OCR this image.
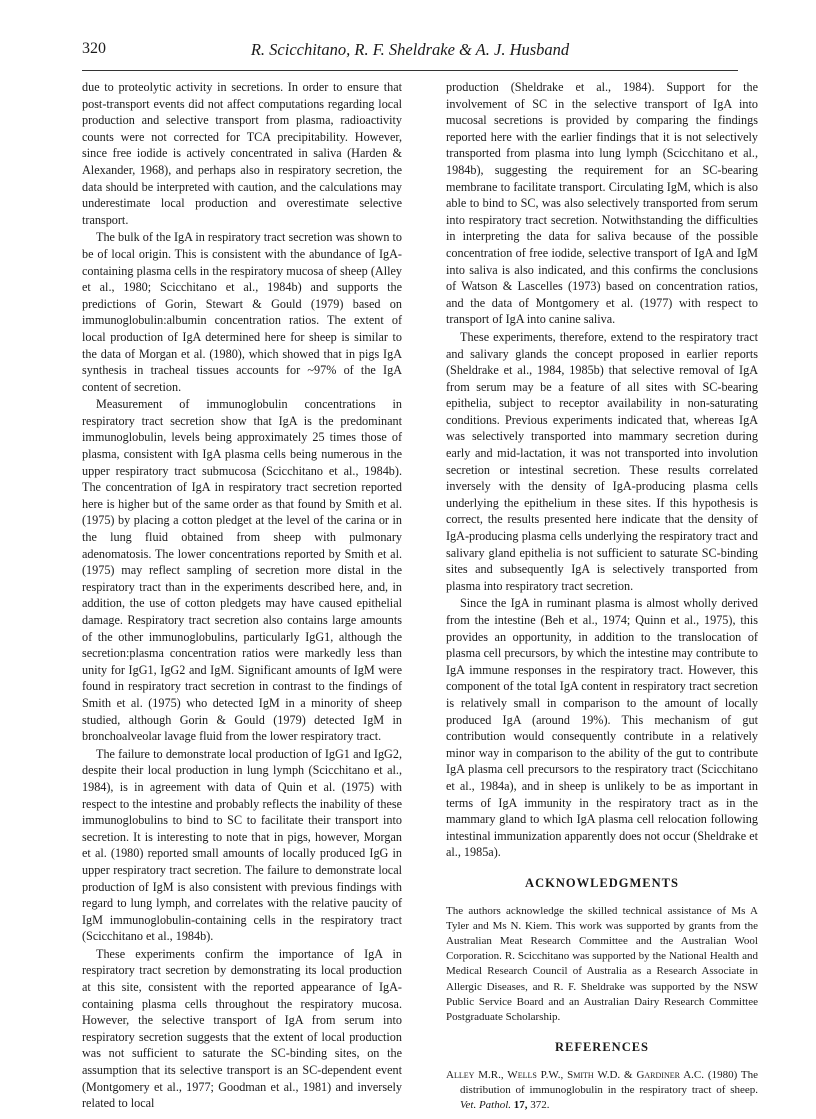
320	R. Scicchitano, R. F. Sheldrake & A. J. Husband

due to proteolytic activity in secretions. In order to ensure that post-transport events did not affect computations regarding local production and selective transport from plasma, radioactivity counts were not corrected for TCA precipitability. However, since free iodide is actively concentrated in saliva (Harden & Alexander, 1968), and perhaps also in respiratory secretion, the data should be interpreted with caution, and the calculations may underestimate local production and overestimate selective transport.

The bulk of the IgA in respiratory tract secretion was shown to be of local origin. This is consistent with the abundance of IgA-containing plasma cells in the respiratory mucosa of sheep (Alley et al., 1980; Scicchitano et al., 1984b) and supports the predictions of Gorin, Stewart & Gould (1979) based on immunoglobulin:albumin concentration ratios. The extent of local production of IgA determined here for sheep is similar to the data of Morgan et al. (1980), which showed that in pigs IgA synthesis in tracheal tissues accounts for ~97% of the IgA content of secretion.

Measurement of immunoglobulin concentrations in respiratory tract secretion show that IgA is the predominant immunoglobulin, levels being approximately 25 times those of plasma, consistent with IgA plasma cells being numerous in the upper respiratory tract submucosa (Scicchitano et al., 1984b). The concentration of IgA in respiratory tract secretion reported here is higher but of the same order as that found by Smith et al. (1975) by placing a cotton pledget at the level of the carina or in the lung fluid obtained from sheep with pulmonary adenomatosis. The lower concentrations reported by Smith et al. (1975) may reflect sampling of secretion more distal in the respiratory tract than in the experiments described here, and, in addition, the use of cotton pledgets may have caused epithelial damage. Respiratory tract secretion also contains large amounts of the other immunoglobulins, particularly IgG1, although the secretion:plasma concentration ratios were markedly less than unity for IgG1, IgG2 and IgM. Significant amounts of IgM were found in respiratory tract secretion in contrast to the findings of Smith et al. (1975) who detected IgM in a minority of sheep studied, although Gorin & Gould (1979) detected IgM in bronchoalveolar lavage fluid from the lower respiratory tract.

The failure to demonstrate local production of IgG1 and IgG2, despite their local production in lung lymph (Scicchitano et al., 1984), is in agreement with data of Quin et al. (1975) with respect to the intestine and probably reflects the inability of these immunoglobulins to bind to SC to facilitate their transport into secretion. It is interesting to note that in pigs, however, Morgan et al. (1980) reported small amounts of locally produced IgG in upper respiratory tract secretion. The failure to demonstrate local production of IgM is also consistent with previous findings with regard to lung lymph, and correlates with the relative paucity of IgM immunoglobulin-containing cells in the respiratory tract (Scicchitano et al., 1984b).

These experiments confirm the importance of IgA in respiratory tract secretion by demonstrating its local production at this site, consistent with the reported appearance of IgA-containing plasma cells throughout the respiratory mucosa. However, the selective transport of IgA from serum into respiratory secretion suggests that the extent of local production was not sufficient to saturate the SC-binding sites, on the assumption that its selective transport is an SC-dependent event (Montgomery et al., 1977; Goodman et al., 1981) and inversely related to local

production (Sheldrake et al., 1984). Support for the involvement of SC in the selective transport of IgA into mucosal secretions is provided by comparing the findings reported here with the earlier findings that it is not selectively transported from plasma into lung lymph (Scicchitano et al., 1984b), suggesting the requirement for an SC-bearing membrane to facilitate transport. Circulating IgM, which is also able to bind to SC, was also selectively transported from serum into respiratory tract secretion. Notwithstanding the difficulties in interpreting the data for saliva because of the possible concentration of free iodide, selective transport of IgA and IgM into saliva is also indicated, and this confirms the conclusions of Watson & Lascelles (1973) based on concentration ratios, and the data of Montgomery et al. (1977) with respect to transport of IgA into canine saliva.

These experiments, therefore, extend to the respiratory tract and salivary glands the concept proposed in earlier reports (Sheldrake et al., 1984, 1985b) that selective removal of IgA from serum may be a feature of all sites with SC-bearing epithelia, subject to receptor availability in non-saturating conditions. Previous experiments indicated that, whereas IgA was selectively transported into mammary secretion during early and mid-lactation, it was not transported into involution secretion or intestinal secretion. These results correlated inversely with the density of IgA-producing plasma cells underlying the epithelium in these sites. If this hypothesis is correct, the results presented here indicate that the density of IgA-producing plasma cells underlying the respiratory tract and salivary gland epithelia is not sufficient to saturate SC-binding sites and subsequently IgA is selectively transported from plasma into respiratory tract secretion.

Since the IgA in ruminant plasma is almost wholly derived from the intestine (Beh et al., 1974; Quinn et al., 1975), this provides an opportunity, in addition to the translocation of plasma cell precursors, by which the intestine may contribute to IgA immune responses in the respiratory tract. However, this component of the total IgA content in respiratory tract secretion is relatively small in comparison to the amount of locally produced IgA (around 19%). This mechanism of gut contribution would consequently contribute in a relatively minor way in comparison to the ability of the gut to contribute IgA plasma cell precursors to the respiratory tract (Scicchitano et al., 1984a), and in sheep is unlikely to be as important in terms of IgA immunity in the respiratory tract as in the mammary gland to which IgA plasma cell relocation following intestinal immunization apparently does not occur (Sheldrake et al., 1985a).

ACKNOWLEDGMENTS

The authors acknowledge the skilled technical assistance of Ms A Tyler and Ms N. Kiem. This work was supported by grants from the Australian Meat Research Committee and the Australian Wool Corporation. R. Scicchitano was supported by the National Health and Medical Research Council of Australia as a Research Associate in Allergic Diseases, and R. F. Sheldrake was supported by the NSW Public Service Board and an Australian Dairy Research Committee Postgraduate Scholarship.

REFERENCES

Alley M.R., Wells P.W., Smith W.D. & Gardiner A.C. (1980) The distribution of immunoglobulin in the respiratory tract of sheep. Vet. Pathol. 17, 372.
